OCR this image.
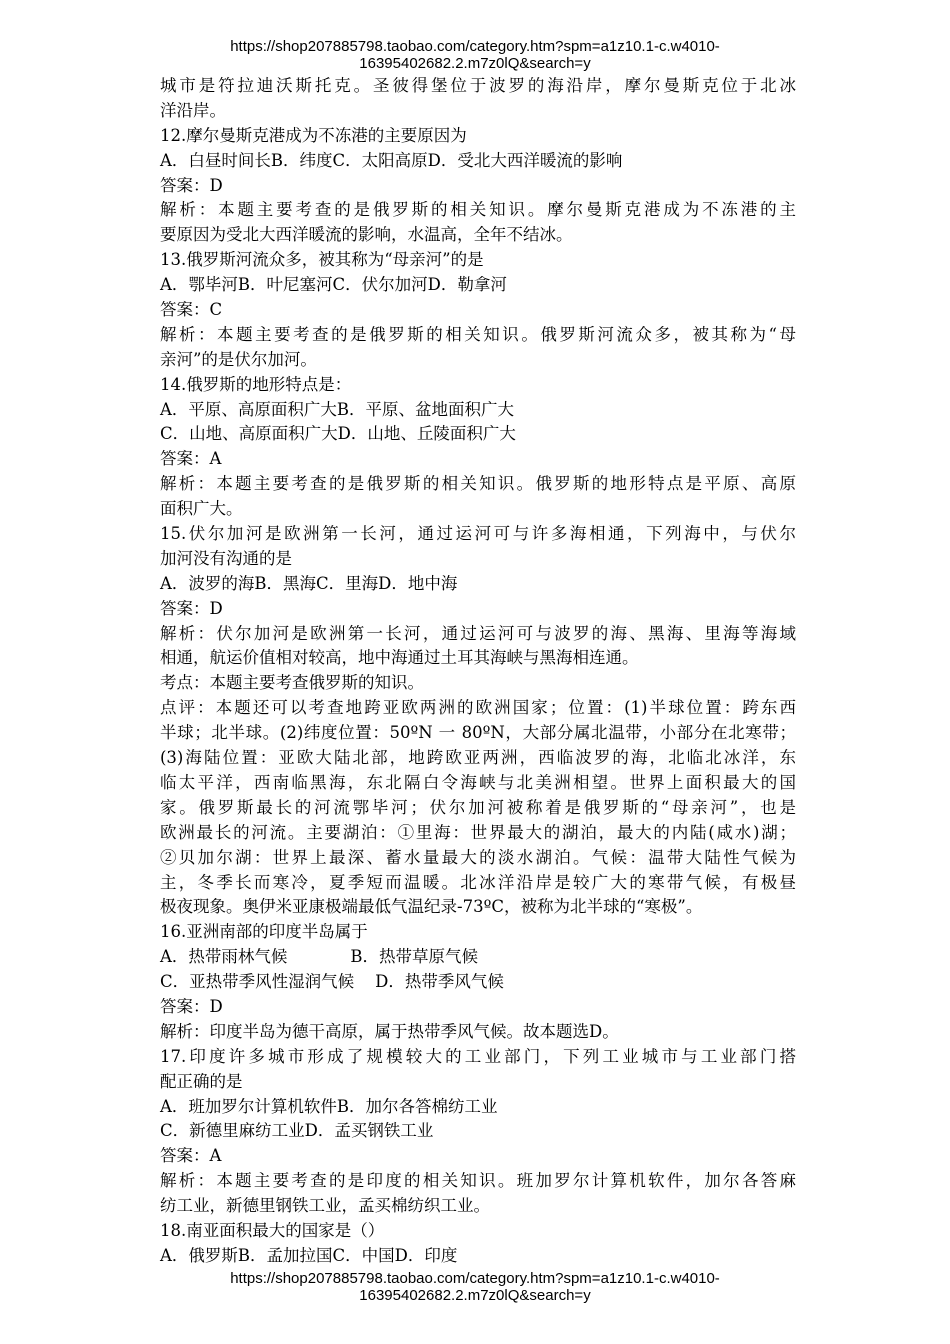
https://shop207885798.taobao.com/category.htm?spm=a1z10.1-c.w4010-
16395402682.2.m7z0lQ&search=y
城市是符拉迪沃斯托克。圣彼得堡位于波罗的海沿岸，摩尔曼斯克位于北冰
洋沿岸。
12.摩尔曼斯克港成为不冻港的主要原因为
A．白昼时间长B．纬度C．太阳高原D．受北大西洋暖流的影响
答案：D
解析：本题主要考查的是俄罗斯的相关知识。摩尔曼斯克港成为不冻港的主
要原因为受北大西洋暖流的影响，水温高，全年不结冰。
13.俄罗斯河流众多，被其称为“母亲河”的是
A．鄂毕河B．叶尼塞河C．伏尔加河D．勒拿河
答案：C
解析：本题主要考查的是俄罗斯的相关知识。俄罗斯河流众多，被其称为“母
亲河”的是伏尔加河。
14.俄罗斯的地形特点是：
A．平原、高原面积广大B．平原、盆地面积广大
C．山地、高原面积广大D．山地、丘陵面积广大
答案：A
解析：本题主要考查的是俄罗斯的相关知识。俄罗斯的地形特点是平原、高原
面积广大。
15.伏尔加河是欧洲第一长河，通过运河可与许多海相通，下列海中，与伏尔
加河没有沟通的是
A．波罗的海B．黑海C．里海D．地中海
答案：D
解析：伏尔加河是欧洲第一长河，通过运河可与波罗的海、黑海、里海等海域
相通，航运价值相对较高，地中海通过土耳其海峡与黑海相连通。
考点：本题主要考查俄罗斯的知识。
点评：本题还可以考查地跨亚欧两洲的欧洲国家；位置：(1)半球位置：跨东西
半球；北半球。(2)纬度位置：50ºN 一 80ºN，大部分属北温带，小部分在北寒带；
(3)海陆位置：亚欧大陆北部，地跨欧亚两洲，西临波罗的海，北临北冰洋，东
临太平洋，西南临黑海，东北隔白令海峡与北美洲相望。世界上面积最大的国
家。俄罗斯最长的河流鄂毕河；伏尔加河被称着是俄罗斯的“母亲河”，也是
欧洲最长的河流。主要湖泊：①里海：世界最大的湖泊，最大的内陆(咸水)湖；
②贝加尔湖：世界上最深、蓄水量最大的淡水湖泊。气候：温带大陆性气候为
主，冬季长而寒冷，夏季短而温暖。北冰洋沿岸是较广大的寒带气候，有极昼
极夜现象。奥伊米亚康极端最低气温纪录-73ºC，被称为北半球的“寒极”。
16.亚洲南部的印度半岛属于
A．热带雨林气候            B．热带草原气候
C．亚热带季风性湿润气候    D．热带季风气候
答案：D
解析：印度半岛为德干高原，属于热带季风气候。故本题选D。
17.印度许多城市形成了规模较大的工业部门，下列工业城市与工业部门搭
配正确的是
A．班加罗尔计算机软件B．加尔各答棉纺工业
C．新德里麻纺工业D．孟买钢铁工业
答案：A
解析：本题主要考查的是印度的相关知识。班加罗尔计算机软件，加尔各答麻
纺工业，新德里钢铁工业，孟买棉纺织工业。
18.南亚面积最大的国家是（）
A．俄罗斯B．孟加拉国C．中国D．印度
https://shop207885798.taobao.com/category.htm?spm=a1z10.1-c.w4010-
16395402682.2.m7z0lQ&search=y
